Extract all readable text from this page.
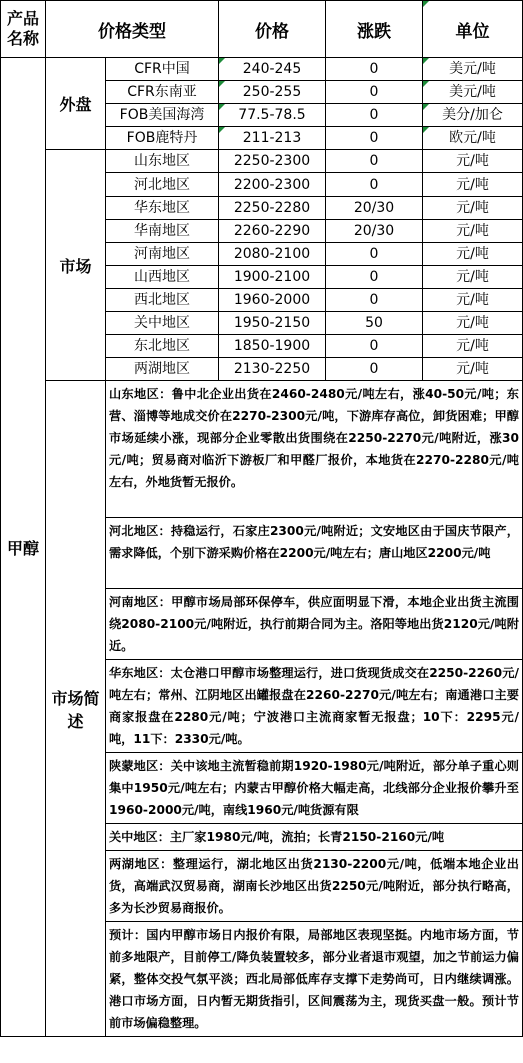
产品名称	价格类型		价格	涨跌	单位
甲醇	外盘	CFR中国	240-245	0	美元/吨
		CFR东南亚	250-255	0	美元/吨
		FOB美国海湾	77.5-78.5	0	美分/加仑
		FOB鹿特丹	211-213	0	欧元/吨
	市场	山东地区	2250-2300	0	元/吨
		河北地区	2200-2300	0	元/吨
		华东地区	2250-2280	20/30	元/吨
		华南地区	2260-2290	20/30	元/吨
		河南地区	2080-2100	0	元/吨
		山西地区	1900-2100	0	元/吨
		西北地区	1960-2000	0	元/吨
		关中地区	1950-2150	50	元/吨
		东北地区	1850-1900	0	元/吨
		两湖地区	2130-2250	0	元/吨
	市场简述	山东地区：鲁中北企业出货在2460-2480元/吨左右，涨40-50元/吨；东营、淄博等地成交价在2270-2300元/吨，下游库存高位，卸货困难；甲醇市场延续小涨，现部分企业零散出货围绕在2250-2270元/吨附近，涨30元/吨；贸易商对临沂下游板厂和甲醛厂报价，本地货在2270-2280元/吨左右，外地货暂无报价。			
		河北地区：持稳运行，石家庄2300元/吨附近；文安地区由于国庆节限产，需求降低，个别下游采购价格在2200元/吨左右；唐山地区2200元/吨			
		河南地区：甲醇市场局部环保停车，供应面明显下滑，本地企业出货主流围绕2080-2100元/吨附近，执行前期合同为主。洛阳等地出货2120元/吨附近。			
		华东地区：太仓港口甲醇市场整理运行，进口货现货成交在2250-2260元/吨左右；常州、江阴地区出罐报盘在2260-2270元/吨左右；南通港口主要商家报盘在2280元/吨；宁波港口主流商家暂无报盘；10下：2295元/吨，11下：2330元/吨。			
		陕蒙地区：关中该地主流暂稳前期1920-1980元/吨附近，部分单子重心则集中1950元/吨左右；内蒙古甲醇价格大幅走高，北线部分企业报价攀升至1960-2000元/吨，南线1960元/吨货源有限			
		关中地区：主厂家1980元/吨，流拍；长青2150-2160元/吨			
		两湖地区：整理运行，湖北地区出货2130-2200元/吨，低端本地企业出货，高端武汉贸易商，湖南长沙地区出货2250元/吨附近，部分执行略高，多为长沙贸易商报价。			
		预计：国内甲醇市场日内报价有限，局部地区表现坚挺。内地市场方面，节前多地限产，目前停工/降负装置较多，部分业者退市观望，加之节前运力偏紧，整体交投气氛平淡；西北局部低库存支撑下走势尚可，日内继续调涨。港口市场方面，日内暂无期货指引，区间震荡为主，现货买盘一般。预计节前市场偏稳整理。			
